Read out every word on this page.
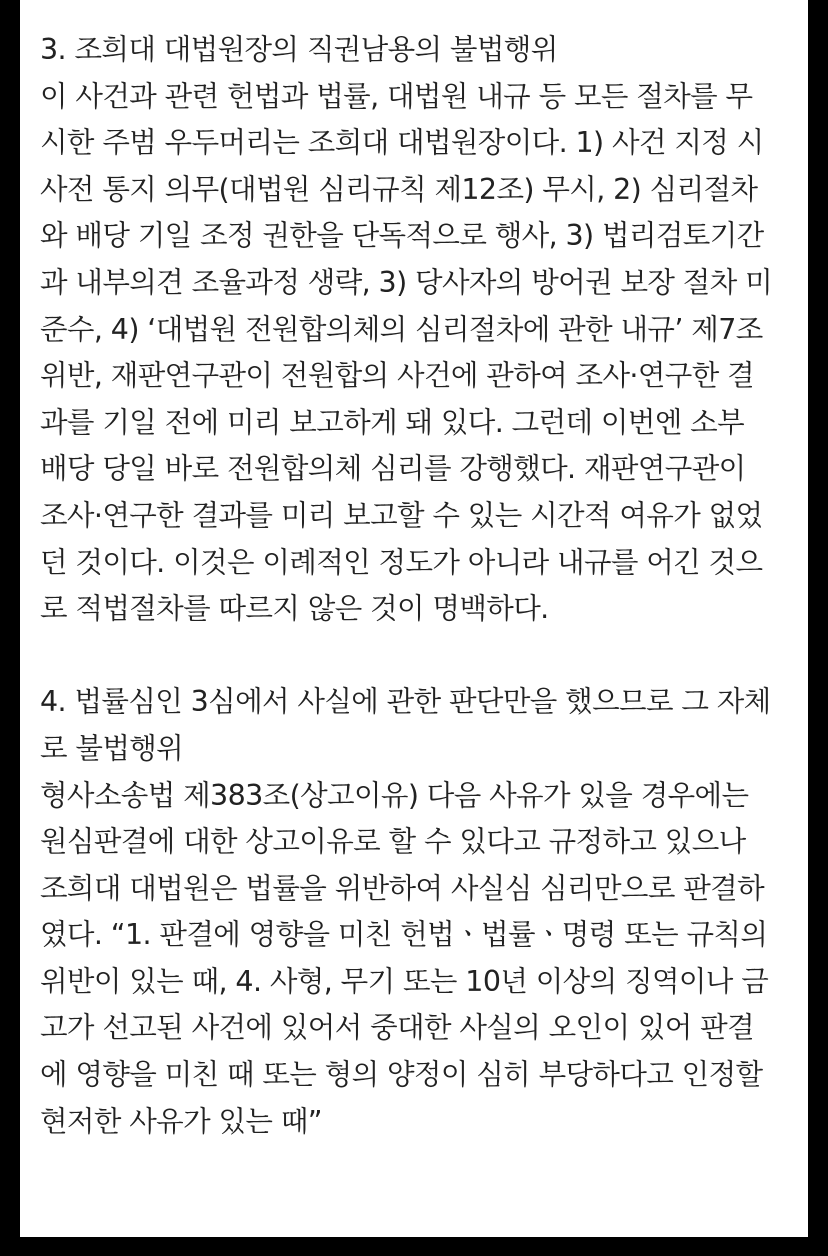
3. 조희대 대법원장의 직권남용의 불법행위
이 사건과 관련 헌법과 법률, 대법원 내규 등 모든 절차를 무
시한 주범 우두머리는 조희대 대법원장이다. 1) 사건 지정 시
사전 통지 의무(대법원 심리규칙 제12조) 무시, 2) 심리절차
와 배당 기일 조정 권한을 단독적으로 행사, 3) 법리검토기간
과 내부의견 조율과정 생략, 3) 당사자의 방어권 보장 절차 미
준수, 4) ‘대법원 전원합의체의 심리절차에 관한 내규’ 제7조
위반, 재판연구관이 전원합의 사건에 관하여 조사·연구한 결
과를 기일 전에 미리 보고하게 돼 있다. 그런데 이번엔 소부
배당 당일 바로 전원합의체 심리를 강행했다. 재판연구관이
조사·연구한 결과를 미리 보고할 수 있는 시간적 여유가 없었
던 것이다. 이것은 이례적인 정도가 아니라 내규를 어긴 것으
로 적법절차를 따르지 않은 것이 명백하다.
4. 법률심인 3심에서 사실에 관한 판단만을 했으므로 그 자체
로 불법행위
형사소송법 제383조(상고이유) 다음 사유가 있을 경우에는
원심판결에 대한 상고이유로 할 수 있다고 규정하고 있으나
조희대 대법원은 법률을 위반하여 사실심 심리만으로 판결하
였다. “1. 판결에 영향을 미친 헌법ㆍ법률ㆍ명령 또는 규칙의
위반이 있는 때, 4. 사형, 무기 또는 10년 이상의 징역이나 금
고가 선고된 사건에 있어서 중대한 사실의 오인이 있어 판결
에 영향을 미친 때 또는 형의 양정이 심히 부당하다고 인정할
현저한 사유가 있는 때”
